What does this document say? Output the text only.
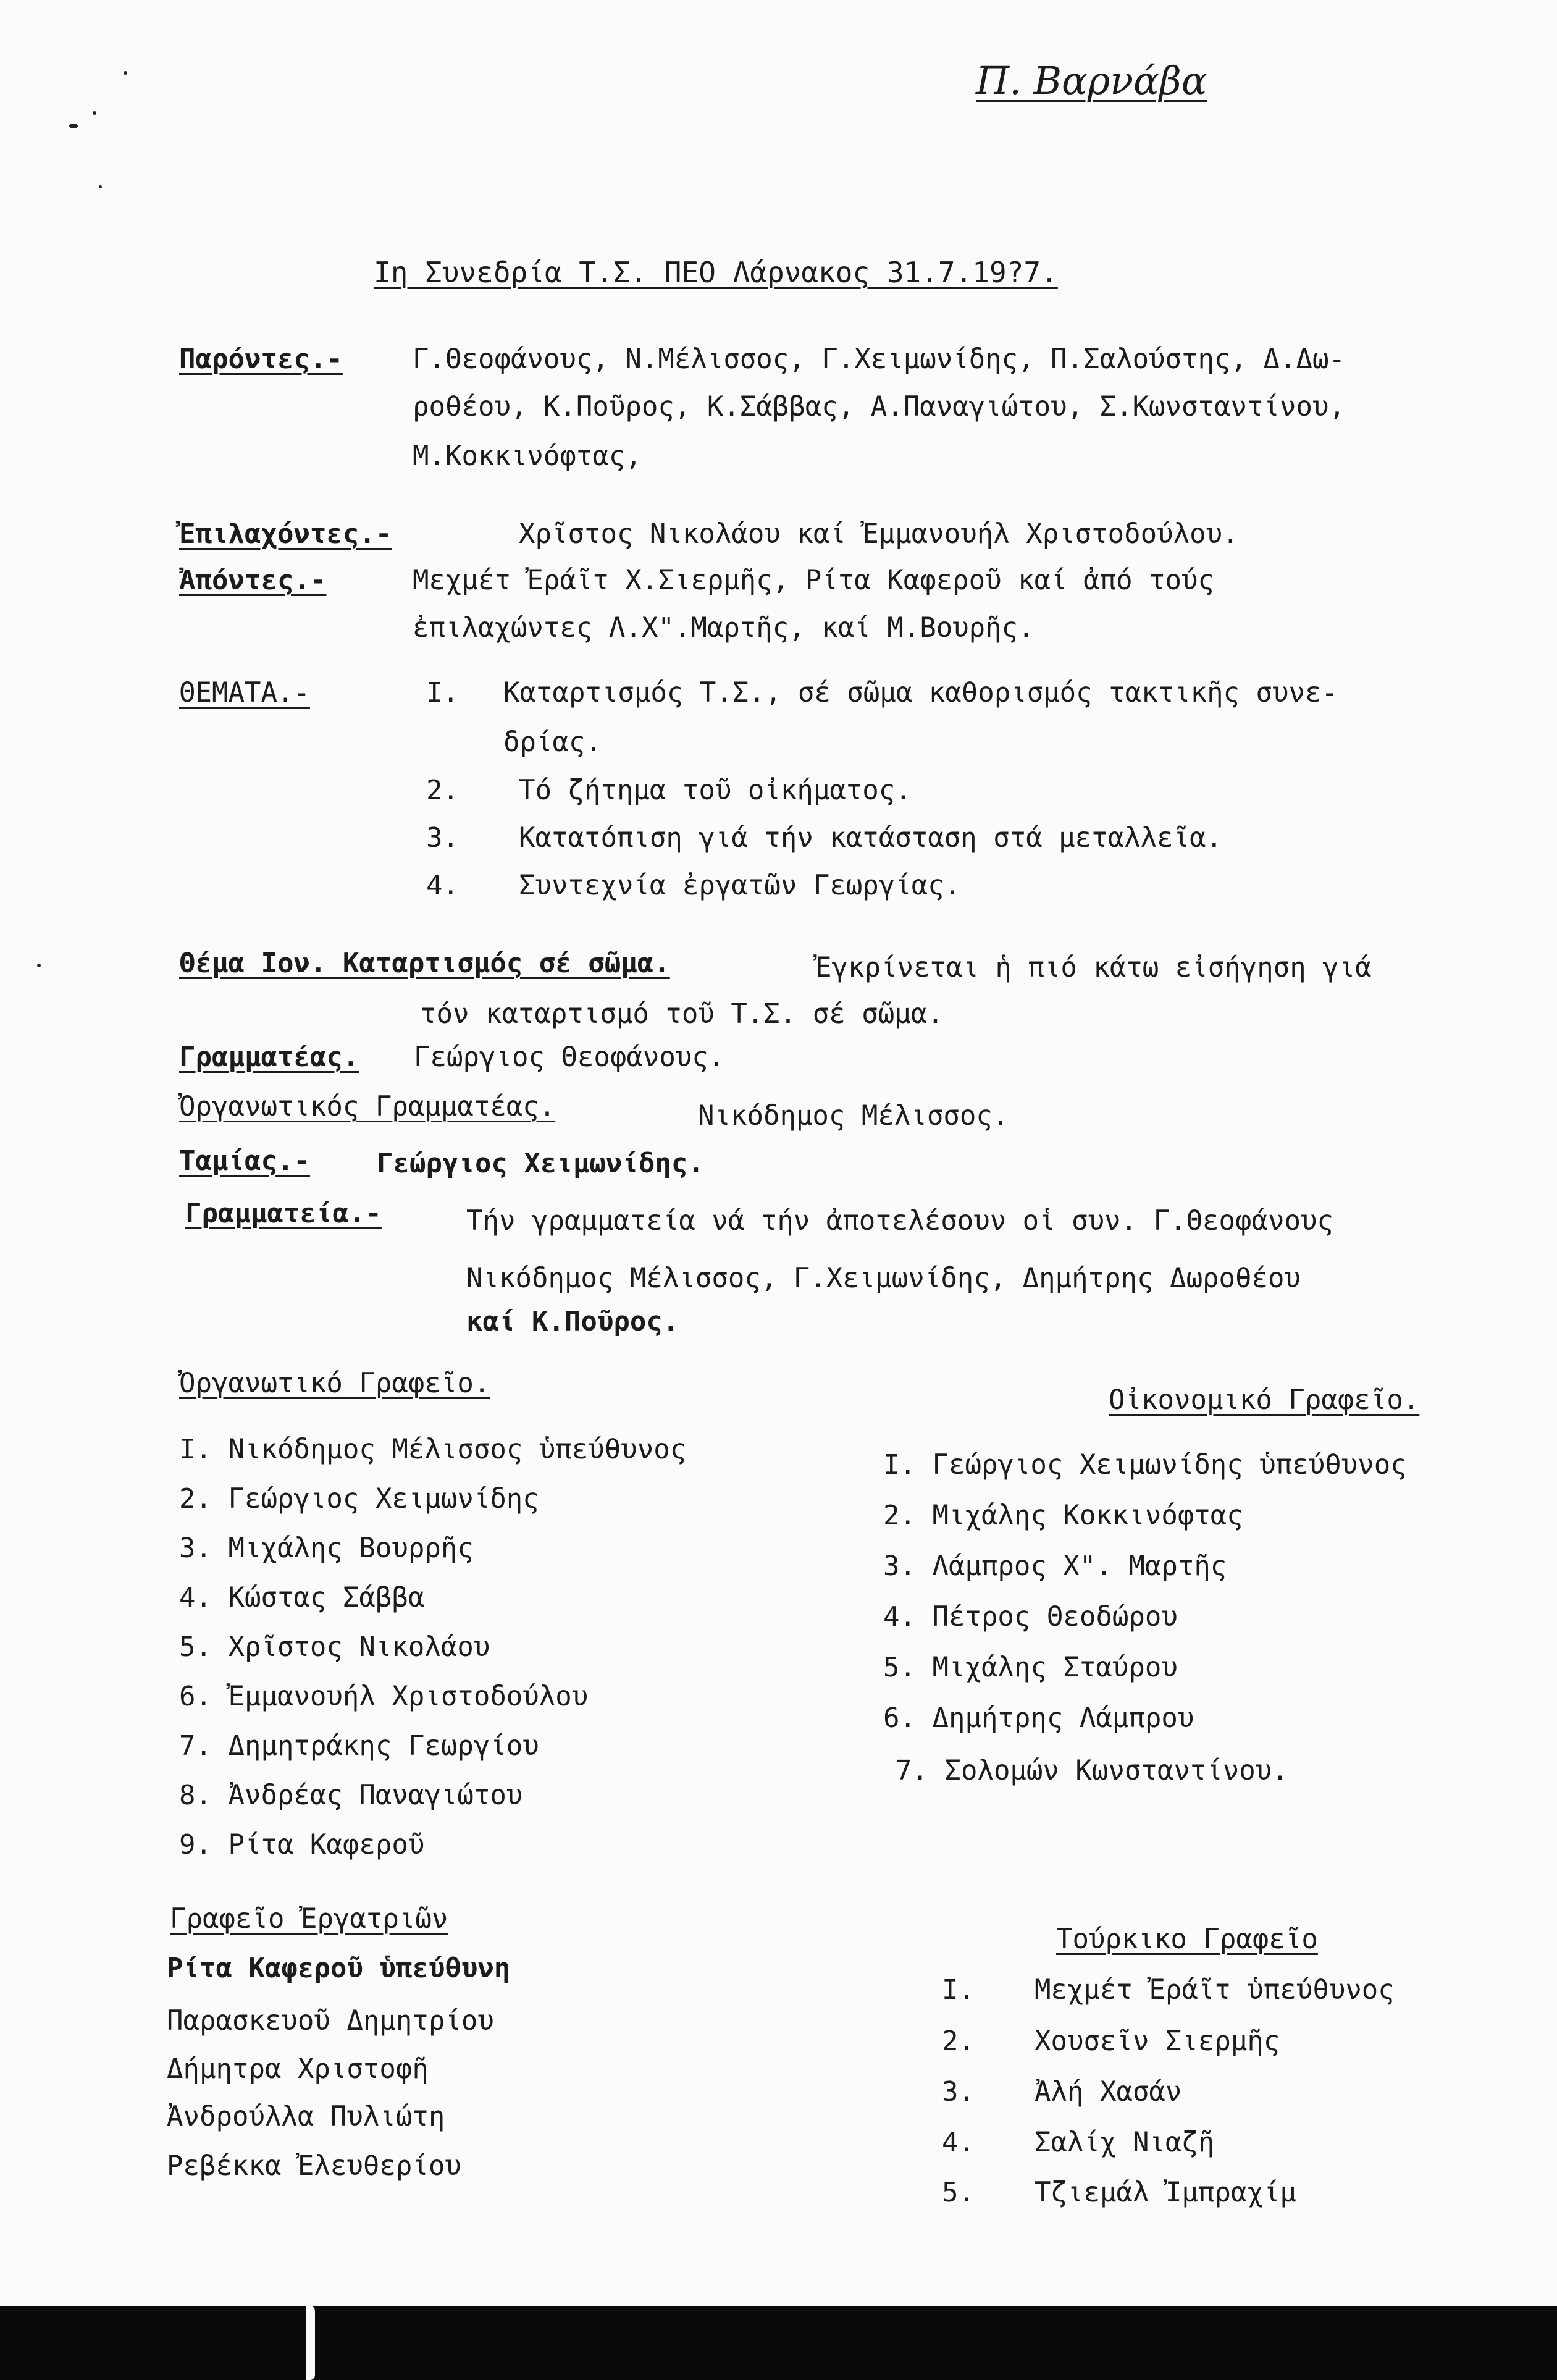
Π. Βαρνάβα
Ιη Συνεδρία Τ.Σ. ΠΕΟ Λάρνακος 31.7.19?7.
Παρόντες.-	Γ.Θεοφάνους, Ν.Μέλισσος, Γ.Χειμωνίδης, Π.Σαλούστης, Δ.Δω-
ροθέου, Κ.Ποῦρος, Κ.Σάββας, Α.Παναγιώτου, Σ.Κωνσταντίνου,
Μ.Κοκκινόφτας,
Ἐπιλαχόντες.-	Χρῖστος Νικολάου καί Ἐμμανουήλ Χριστοδούλου.
Ἀπόντες.-	Μεχμέτ Ἐράῖτ Χ.Σιερμῆς, Ρίτα Καφεροῦ καί ἀπό τούς
ἐπιλαχώντες Λ.Χ".Μαρτῆς, καί Μ.Βουρῆς.
ΘΕΜΑΤΑ.-	I. Καταρτισμός Τ.Σ., σέ σῶμα καθορισμός τακτικῆς συνε-
δρίας.
2. Τό ζήτημα τοῦ οἰκήματος.
3. Κατατόπιση γιά τήν κατάσταση στά μεταλλεῖα.
4. Συντεχνία ἐργατῶν Γεωργίας.
Θέμα Ιον. Καταρτισμός σέ σῶμα.	Ἐγκρίνεται ἡ πιό κάτω εἰσήγηση γιά
τόν καταρτισμό τοῦ Τ.Σ. σέ σῶμα.
Γραμματέας. Γεώργιος Θεοφάνους.
Ὀργανωτικός Γραμματέας.	Νικόδημος Μέλισσος.
Ταμίας.- Γεώργιος Χειμωνίδης.
Γραμματεία.-	Τήν γραμματεία νά τήν ἀποτελέσουν οἱ συν. Γ.Θεοφάνους
Νικόδημος Μέλισσος, Γ.Χειμωνίδης, Δημήτρης Δωροθέου
καί Κ.Ποῦρος.
Ὀργανωτικό Γραφεῖο.
I. Νικόδημος Μέλισσος ὑπεύθυνος
2. Γεώργιος Χειμωνίδης
3. Μιχάλης Βουρρῆς
4. Κώστας Σάββα
5. Χρῖστος Νικολάου
6. Ἐμμανουήλ Χριστοδούλου
7. Δημητράκης Γεωργίου
8. Ἀνδρέας Παναγιώτου
9. Ρίτα Καφεροῦ
Οἰκονομικό Γραφεῖο.
I. Γεώργιος Χειμωνίδης ὑπεύθυνος
2. Μιχάλης Κοκκινόφτας
3. Λάμπρος Χ". Μαρτῆς
4. Πέτρος Θεοδώρου
5. Μιχάλης Σταύρου
6. Δημήτρης Λάμπρου
7. Σολομών Κωνσταντίνου.
Γραφεῖο Ἐργατριῶν
Ρίτα Καφεροῦ ὑπεύθυνη
Παρασκευοῦ Δημητρίου
Δήμητρα Χριστοφῆ
Ἀνδρούλλα Πυλιώτη
Ρεβέκκα Ἐλευθερίου
Τούρκικο Γραφεῖο
I. Μεχμέτ Ἐράῖτ ὑπεύθυνος
2. Χουσεῖν Σιερμῆς
3. Ἀλή Χασάν
4. Σαλίχ Νιαζῆ
5. Τζιεμάλ Ἰμπραχίμ
